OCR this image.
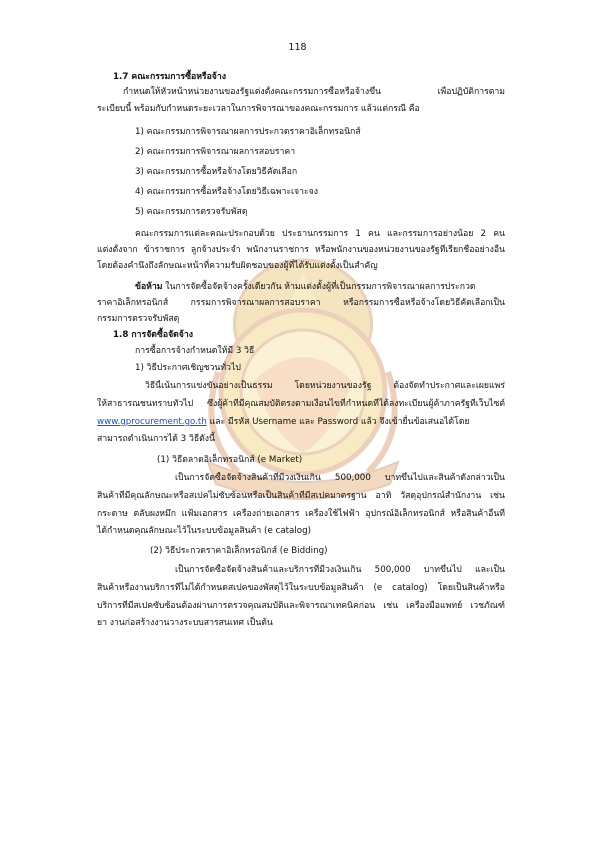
118
1.7 คณะกรรมการซื้อหรือจ้าง
กำหนดให้หัวหน้าหน่วยงานของรัฐแต่งตั้งคณะกรรมการซื้อหรือจ้างขึ้น เพื่อปฏิบัติการตาม
ระเบียบนี้ พร้อมกับกำหนดระยะเวลาในการพิจารณาของคณะกรรมการ แล้วแต่กรณี คือ
1) คณะกรรมการพิจารณาผลการประกวดราคาอิเล็กทรอนิกส์
2) คณะกรรมการพิจารณาผลการสอบราคา
3) คณะกรรมการซื้อหรือจ้างโดยวิธีคัดเลือก
4) คณะกรรมการซื้อหรือจ้างโดยวิธีเฉพาะเจาะจง
5) คณะกรรมการตรวจรับพัสดุ
คณะกรรมการแต่ละคณะประกอบด้วย ประธานกรรมการ 1 คน และกรรมการอย่างน้อย 2 คน
แต่งตั้งจาก ข้าราชการ ลูกจ้างประจำ พนักงานราชการ หรือพนักงานของหน่วยงานของรัฐที่เรียกชื่ออย่างอื่น
โดยต้องคำนึงถึงลักษณะหน้าที่ความรับผิดชอบของผู้ที่ได้รับแต่งตั้งเป็นสำคัญ
ข้อห้าม ในการจัดซื้อจัดจ้างครั้งเดียวกัน ห้ามแต่งตั้งผู้ที่เป็นกรรมการพิจารณาผลการประกวด
ราคาอิเล็กทรอนิกส์ กรรมการพิจารณาผลการสอบราคา หรือกรรมการซื้อหรือจ้างโดยวิธีคัดเลือกเป็น
กรรมการตรวจรับพัสดุ
1.8 การจัดซื้อจัดจ้าง
การซื้อการจ้างกำหนดให้มี 3 วิธี
1) วิธีประกาศเชิญชวนทั่วไป
วิธีนี้เน้นการแข่งขันอย่างเป็นธรรม โดยหน่วยงานของรัฐ ต้องจัดทำประกาศและเผยแพร่
ให้สาธารณชนทราบทั่วไป ซึ่งผู้ค้าที่มีคุณสมบัติตรงตามเงื่อนไขที่กำหนดที่ได้ลงทะเบียนผู้ค้าภาครัฐที่เว็บไซต์
www.gprocurement.go.th และ มีรหัส Username และ Password แล้ว จึงเข้ายื่นข้อเสนอได้โดย
สามารถดำเนินการได้ 3 วิธีดังนี้
(1) วิธีตลาดอิเล็กทรอนิกส์ (e Market)
เป็นการจัดซื้อจัดจ้างสินค้าที่มีวงเงินเกิน 500,000 บาทขึ้นไปและสินค้าดังกล่าวเป็น
สินค้าที่มีคุณลักษณะหรือสเปคไม่ซับซ้อนหรือเป็นสินค้าที่มีสเปคมาตรฐาน อาทิ วัสดุอุปกรณ์สำนักงาน เช่น
กระดาษ ตลับผงหมึก แฟ้มเอกสาร เครื่องถ่ายเอกสาร เครื่องใช้ไฟฟ้า อุปกรณ์อิเล็กทรอนิกส์ หรือสินค้าอื่นที่
ได้กำหนดคุณลักษณะไว้ในระบบข้อมูลสินค้า (e catalog)
(2) วิธีประกวดราคาอิเล็กทรอนิกส์ (e Bidding)
เป็นการจัดซื้อจัดจ้างสินค้าและบริการที่มีวงเงินเกิน 500,000 บาทขึ้นไป และเป็น
สินค้าหรืองานบริการที่ไม่ได้กำหนดสเปคของพัสดุไว้ในระบบข้อมูลสินค้า (e catalog) โดยเป็นสินค้าหรือ
บริการที่มีสเปคซับซ้อนต้องผ่านการตรวจคุณสมบัติและพิจารณาเทคนิคก่อน เช่น เครื่องมือแพทย์ เวชภัณฑ์
ยา งานก่อสร้างงานวางระบบสารสนเทศ เป็นต้น
